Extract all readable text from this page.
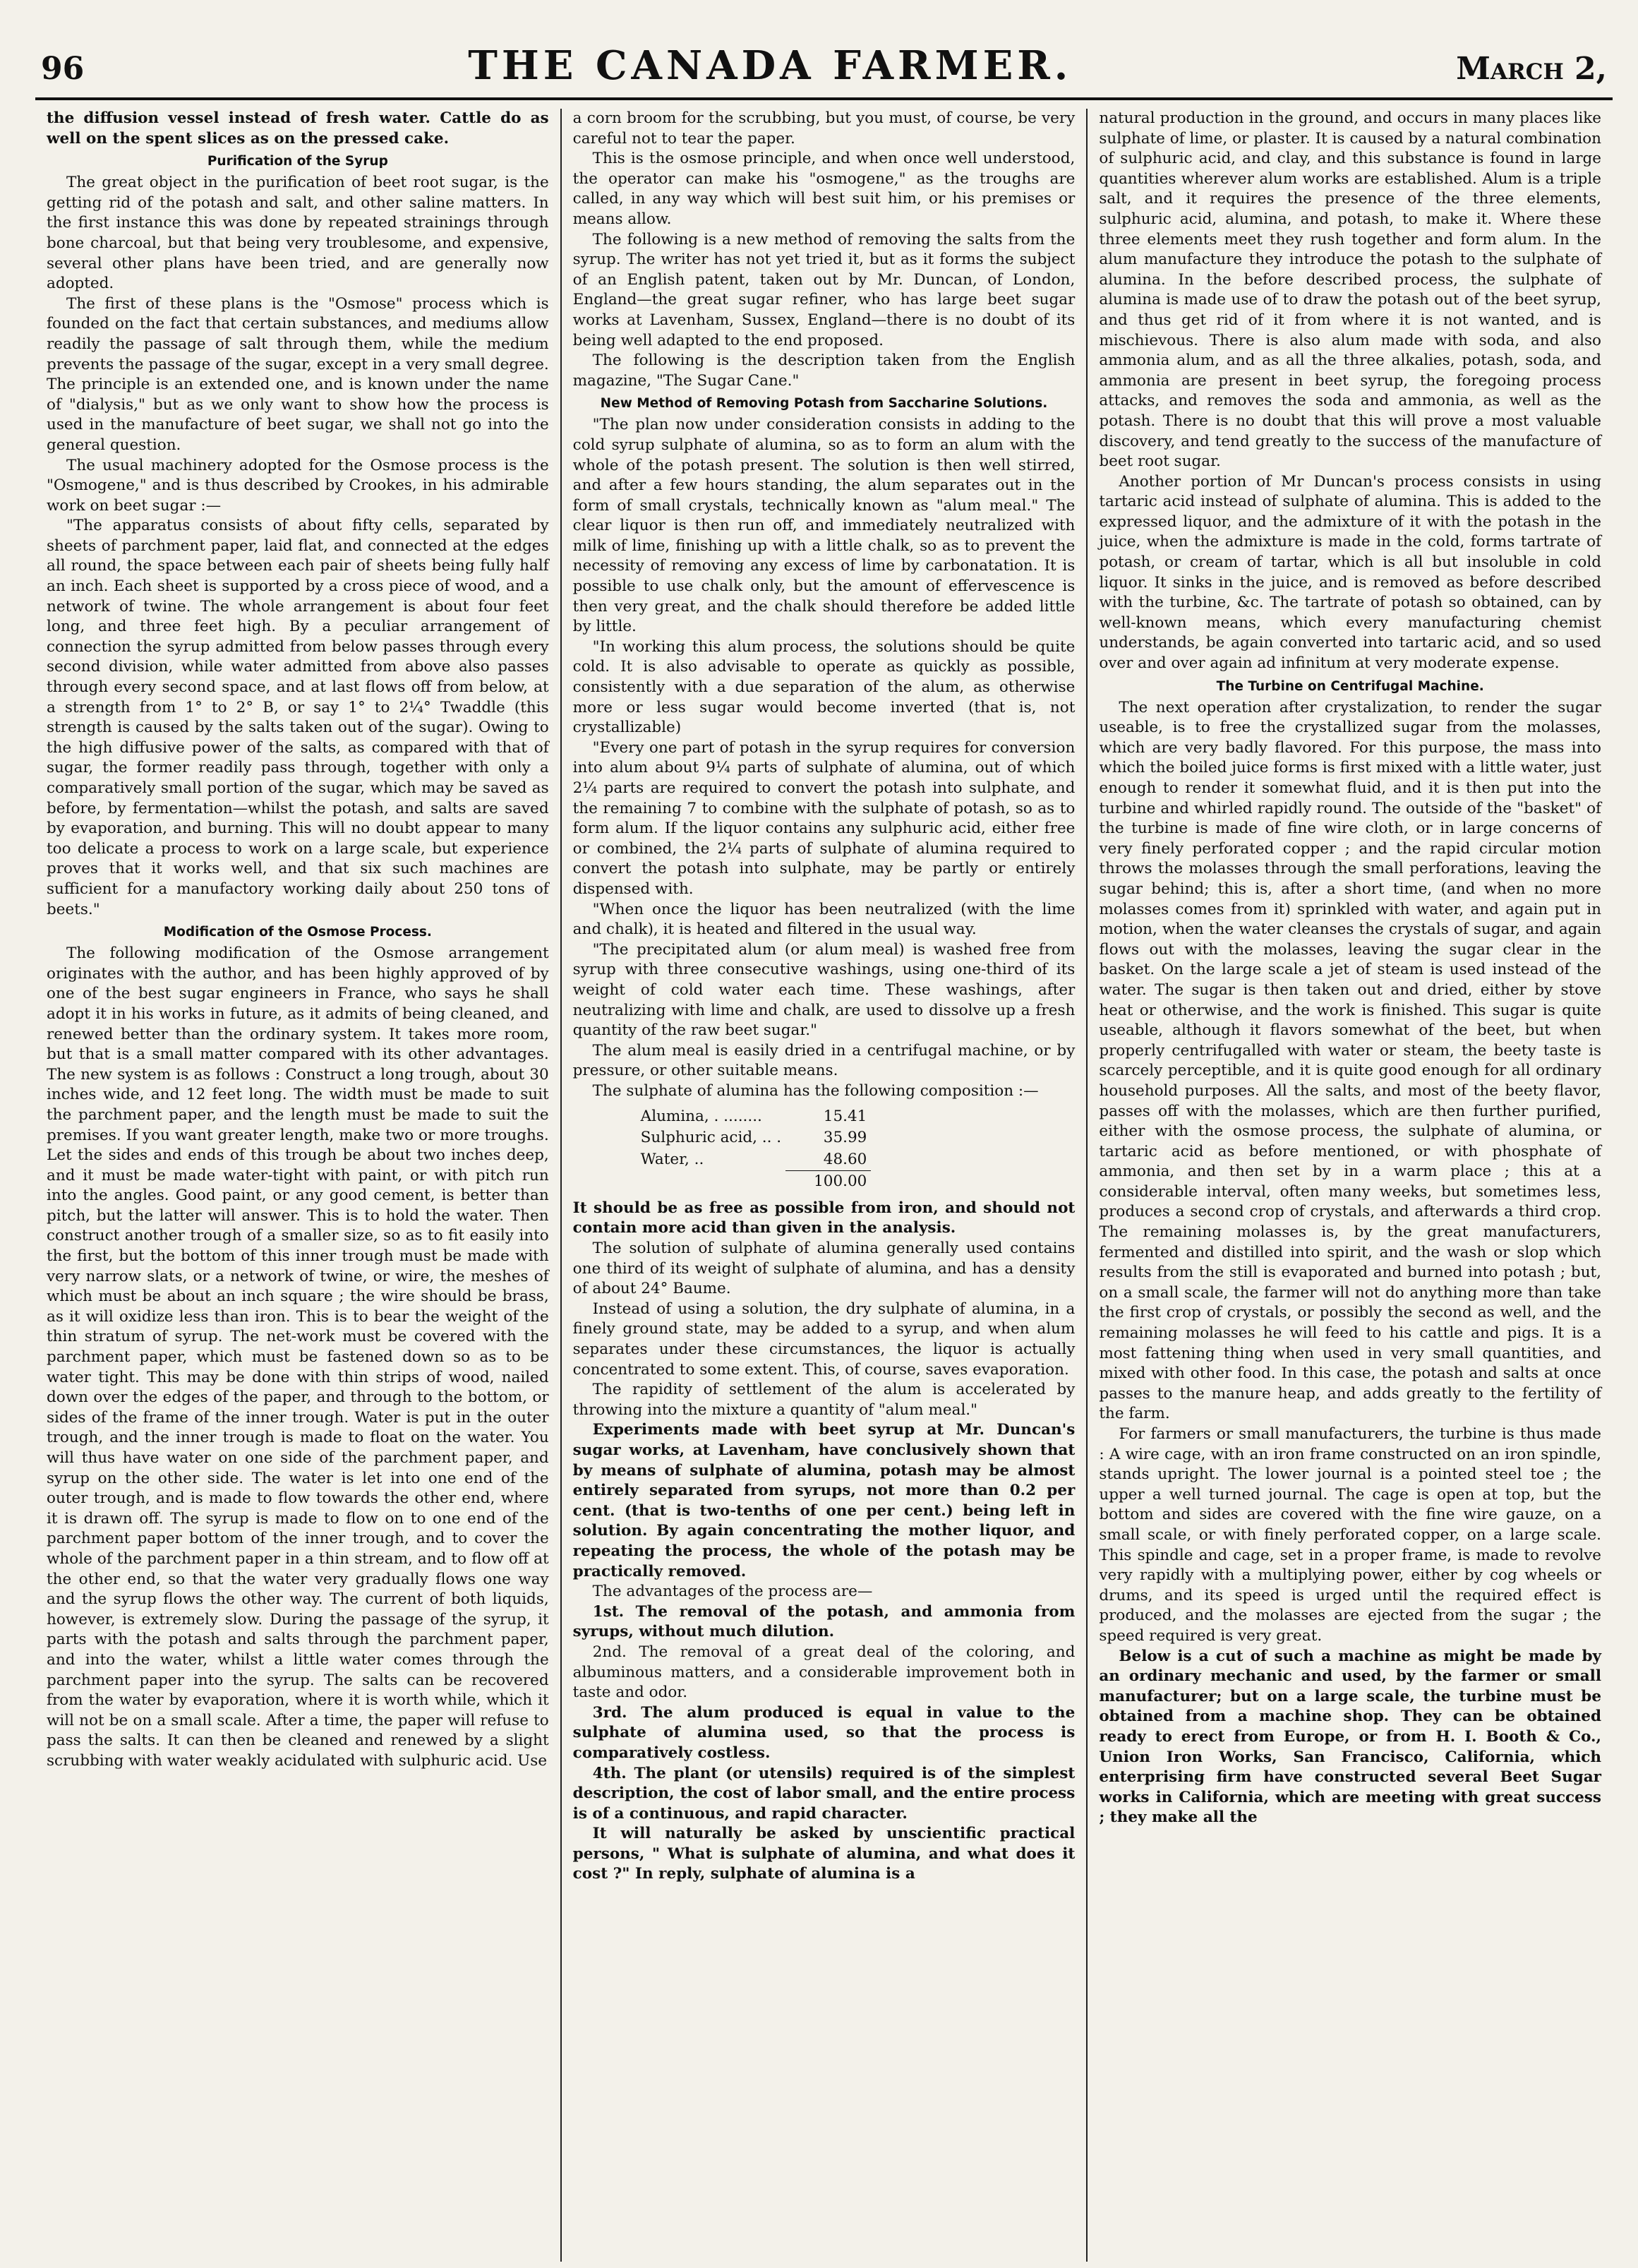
96	THE CANADA FARMER.	March 2,

the diffusion vessel instead of fresh water. Cattle do as well on the spent slices as on the pressed cake.

Purification of the Syrup

The great object in the purification of beet root sugar, is the getting rid of the potash and salt, and other saline matters. In the first instance this was done by repeated strainings through bone charcoal, but that being very troublesome, and expensive, several other plans have been tried, and are generally now adopted.

The first of these plans is the "Osmose" process which is founded on the fact that certain substances, and mediums allow readily the passage of salt through them, while the medium prevents the passage of the sugar, except in a very small degree. The principle is an extended one, and is known under the name of "dialysis," but as we only want to show how the process is used in the manufacture of beet sugar, we shall not go into the general question.

The usual machinery adopted for the Osmose process is the "Osmogene," and is thus described by Crookes, in his admirable work on beet sugar :—

"The apparatus consists of about fifty cells, separated by sheets of parchment paper, laid flat, and connected at the edges all round, the space between each pair of sheets being fully half an inch. Each sheet is supported by a cross piece of wood, and a network of twine. The whole arrangement is about four feet long, and three feet high. By a peculiar arrangement of connection the syrup admitted from below passes through every second division, while water admitted from above also passes through every second space, and at last flows off from below, at a strength from 1° to 2° B, or say 1° to 2¼° Twaddle (this strength is caused by the salts taken out of the sugar). Owing to the high diffusive power of the salts, as compared with that of sugar, the former readily pass through, together with only a comparatively small portion of the sugar, which may be saved as before, by fermentation—whilst the potash, and salts are saved by evaporation, and burning. This will no doubt appear to many too delicate a process to work on a large scale, but experience proves that it works well, and that six such machines are sufficient for a manufactory working daily about 250 tons of beets."

Modification of the Osmose Process.

The following modification of the Osmose arrangement originates with the author, and has been highly approved of by one of the best sugar engineers in France, who says he shall adopt it in his works in future, as it admits of being cleaned, and renewed better than the ordinary system. It takes more room, but that is a small matter compared with its other advantages. The new system is as follows : Construct a long trough, about 30 inches wide, and 12 feet long. The width must be made to suit the parchment paper, and the length must be made to suit the premises. If you want greater length, make two or more troughs. Let the sides and ends of this trough be about two inches deep, and it must be made water-tight with paint, or with pitch run into the angles. Good paint, or any good cement, is better than pitch, but the latter will answer. This is to hold the water. Then construct another trough of a smaller size, so as to fit easily into the first, but the bottom of this inner trough must be made with very narrow slats, or a network of twine, or wire, the meshes of which must be about an inch square ; the wire should be brass, as it will oxidize less than iron. This is to bear the weight of the thin stratum of syrup. The net-work must be covered with the parchment paper, which must be fastened down so as to be water tight. This may be done with thin strips of wood, nailed down over the edges of the paper, and through to the bottom, or sides of the frame of the inner trough. Water is put in the outer trough, and the inner trough is made to float on the water. You will thus have water on one side of the parchment paper, and syrup on the other side. The water is let into one end of the outer trough, and is made to flow towards the other end, where it is drawn off. The syrup is made to flow on to one end of the parchment paper bottom of the inner trough, and to cover the whole of the parchment paper in a thin stream, and to flow off at the other end, so that the water very gradually flows one way and the syrup flows the other way. The current of both liquids, however, is extremely slow. During the passage of the syrup, it parts with the potash and salts through the parchment paper, and into the water, whilst a little water comes through the parchment paper into the syrup. The salts can be recovered from the water by evaporation, where it is worth while, which it will not be on a small scale. After a time, the paper will refuse to pass the salts. It can then be cleaned and renewed by a slight scrubbing with water weakly acidulated with sulphuric acid. Use

a corn broom for the scrubbing, but you must, of course, be very careful not to tear the paper.

This is the osmose principle, and when once well understood, the operator can make his "osmogene," as the troughs are called, in any way which will best suit him, or his premises or means allow.

The following is a new method of removing the salts from the syrup. The writer has not yet tried it, but as it forms the subject of an English patent, taken out by Mr. Duncan, of London, England—the great sugar refiner, who has large beet sugar works at Lavenham, Sussex, England—there is no doubt of its being well adapted to the end proposed.

The following is the description taken from the English magazine, "The Sugar Cane."

New Method of Removing Potash from Saccharine Solutions.

"The plan now under consideration consists in adding to the cold syrup sulphate of alumina, so as to form an alum with the whole of the potash present. The solution is then well stirred, and after a few hours standing, the alum separates out in the form of small crystals, technically known as "alum meal." The clear liquor is then run off, and immediately neutralized with milk of lime, finishing up with a little chalk, so as to prevent the necessity of removing any excess of lime by carbonatation. It is possible to use chalk only, but the amount of effervescence is then very great, and the chalk should therefore be added little by little.

"In working this alum process, the solutions should be quite cold. It is also advisable to operate as quickly as possible, consistently with a due separation of the alum, as otherwise more or less sugar would become inverted (that is, not crystallizable)

"Every one part of potash in the syrup requires for conversion into alum about 9¼ parts of sulphate of alumina, out of which 2¼ parts are required to convert the potash into sulphate, and the remaining 7 to combine with the sulphate of potash, so as to form alum. If the liquor contains any sulphuric acid, either free or combined, the 2¼ parts of sulphate of alumina required to convert the potash into sulphate, may be partly or entirely dispensed with.

"When once the liquor has been neutralized (with the lime and chalk), it is heated and filtered in the usual way.

"The precipitated alum (or alum meal) is washed free from syrup with three consecutive washings, using one-third of its weight of cold water each time. These washings, after neutralizing with lime and chalk, are used to dissolve up a fresh quantity of the raw beet sugar."

The alum meal is easily dried in a centrifugal machine, or by pressure, or other suitable means.

The sulphate of alumina has the following composition :—

Alumina, . ........	15.41
Sulphuric acid, .. .	35.99
Water, ..	48.60
	100.00

It should be as free as possible from iron, and should not contain more acid than given in the analysis.

The solution of sulphate of alumina generally used contains one third of its weight of sulphate of alumina, and has a density of about 24° Baume.

Instead of using a solution, the dry sulphate of alumina, in a finely ground state, may be added to a syrup, and when alum separates under these circumstances, the liquor is actually concentrated to some extent. This, of course, saves evaporation.

The rapidity of settlement of the alum is accelerated by throwing into the mixture a quantity of "alum meal."

Experiments made with beet syrup at Mr. Duncan's sugar works, at Lavenham, have conclusively shown that by means of sulphate of alumina, potash may be almost entirely separated from syrups, not more than 0.2 per cent. (that is two-tenths of one per cent.) being left in solution. By again concentrating the mother liquor, and repeating the process, the whole of the potash may be practically removed.

The advantages of the process are—

1st. The removal of the potash, and ammonia from syrups, without much dilution.

2nd. The removal of a great deal of the coloring, and albuminous matters, and a considerable improvement both in taste and odor.

3rd. The alum produced is equal in value to the sulphate of alumina used, so that the process is comparatively costless.

4th. The plant (or utensils) required is of the simplest description, the cost of labor small, and the entire process is of a continuous, and rapid character.

It will naturally be asked by unscientific practical persons, " What is sulphate of alumina, and what does it cost ?" In reply, sulphate of alumina is a

natural production in the ground, and occurs in many places like sulphate of lime, or plaster. It is caused by a natural combination of sulphuric acid, and clay, and this substance is found in large quantities wherever alum works are established. Alum is a triple salt, and it requires the presence of the three elements, sulphuric acid, alumina, and potash, to make it. Where these three elements meet they rush together and form alum. In the alum manufacture they introduce the potash to the sulphate of alumina. In the before described process, the sulphate of alumina is made use of to draw the potash out of the beet syrup, and thus get rid of it from where it is not wanted, and is mischievous. There is also alum made with soda, and also ammonia alum, and as all the three alkalies, potash, soda, and ammonia are present in beet syrup, the foregoing process attacks, and removes the soda and ammonia, as well as the potash. There is no doubt that this will prove a most valuable discovery, and tend greatly to the success of the manufacture of beet root sugar.

Another portion of Mr Duncan's process consists in using tartaric acid instead of sulphate of alumina. This is added to the expressed liquor, and the admixture of it with the potash in the juice, when the admixture is made in the cold, forms tartrate of potash, or cream of tartar, which is all but insoluble in cold liquor. It sinks in the juice, and is removed as before described with the turbine, &c. The tartrate of potash so obtained, can by well-known means, which every manufacturing chemist understands, be again converted into tartaric acid, and so used over and over again ad infinitum at very moderate expense.

The Turbine on Centrifugal Machine.

The next operation after crystalization, to render the sugar useable, is to free the crystallized sugar from the molasses, which are very badly flavored. For this purpose, the mass into which the boiled juice forms is first mixed with a little water, just enough to render it somewhat fluid, and it is then put into the turbine and whirled rapidly round. The outside of the "basket" of the turbine is made of fine wire cloth, or in large concerns of very finely perforated copper ; and the rapid circular motion throws the molasses through the small perforations, leaving the sugar behind; this is, after a short time, (and when no more molasses comes from it) sprinkled with water, and again put in motion, when the water cleanses the crystals of sugar, and again flows out with the molasses, leaving the sugar clear in the basket. On the large scale a jet of steam is used instead of the water. The sugar is then taken out and dried, either by stove heat or otherwise, and the work is finished. This sugar is quite useable, although it flavors somewhat of the beet, but when properly centrifugalled with water or steam, the beety taste is scarcely perceptible, and it is quite good enough for all ordinary household purposes. All the salts, and most of the beety flavor, passes off with the molasses, which are then further purified, either with the osmose process, the sulphate of alumina, or tartaric acid as before mentioned, or with phosphate of ammonia, and then set by in a warm place ; this at a considerable interval, often many weeks, but sometimes less, produces a second crop of crystals, and afterwards a third crop. The remaining molasses is, by the great manufacturers, fermented and distilled into spirit, and the wash or slop which results from the still is evaporated and burned into potash ; but, on a small scale, the farmer will not do anything more than take the first crop of crystals, or possibly the second as well, and the remaining molasses he will feed to his cattle and pigs. It is a most fattening thing when used in very small quantities, and mixed with other food. In this case, the potash and salts at once passes to the manure heap, and adds greatly to the fertility of the farm.

For farmers or small manufacturers, the turbine is thus made : A wire cage, with an iron frame constructed on an iron spindle, stands upright. The lower journal is a pointed steel toe ; the upper a well turned journal. The cage is open at top, but the bottom and sides are covered with the fine wire gauze, on a small scale, or with finely perforated copper, on a large scale. This spindle and cage, set in a proper frame, is made to revolve very rapidly with a multiplying power, either by cog wheels or drums, and its speed is urged until the required effect is produced, and the molasses are ejected from the sugar ; the speed required is very great.

Below is a cut of such a machine as might be made by an ordinary mechanic and used, by the farmer or small manufacturer; but on a large scale, the turbine must be obtained from a machine shop. They can be obtained ready to erect from Europe, or from H. I. Booth & Co., Union Iron Works, San Francisco, California, which enterprising firm have constructed several Beet Sugar works in California, which are meeting with great success ; they make all the
